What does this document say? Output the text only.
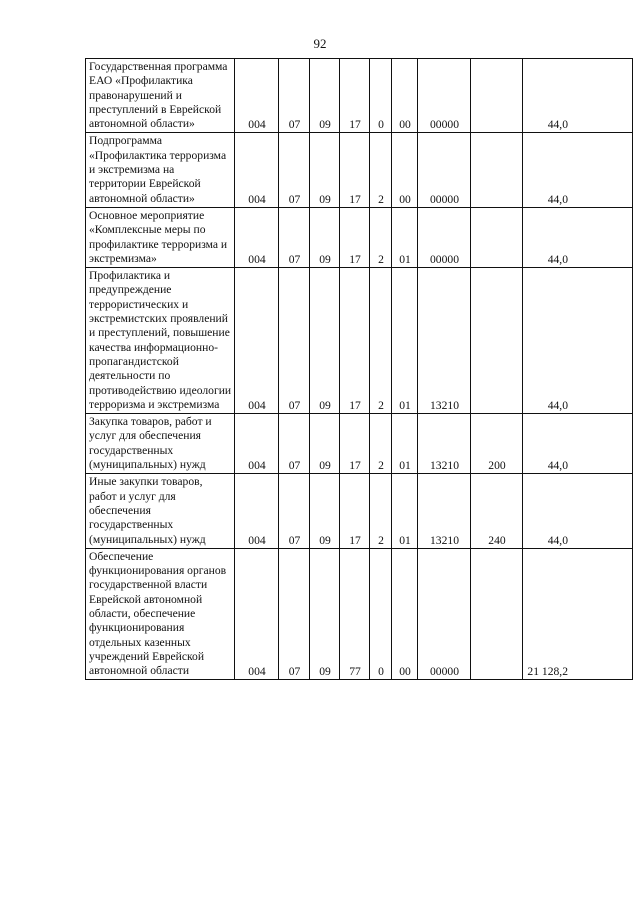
92
Государственная программа ЕАО «Профилактика правонарушений и преступлений в Еврейской автономной области»	004	07	09	17	0	00	00000		44,0
Подпрограмма «Профилактика терроризма и экстремизма на территории Еврейской автономной области»	004	07	09	17	2	00	00000		44,0
Основное мероприятие «Комплексные меры по профилактике терроризма и экстремизма»	004	07	09	17	2	01	00000		44,0
Профилактика и предупреждение террористических и экстремистских проявлений и преступлений, повышение качества информационно-пропагандистской деятельности по противодействию идеологии терроризма и экстремизма	004	07	09	17	2	01	13210		44,0
Закупка товаров, работ и услуг для обеспечения государственных (муниципальных) нужд	004	07	09	17	2	01	13210	200	44,0
Иные закупки товаров, работ и услуг для обеспечения государственных (муниципальных) нужд	004	07	09	17	2	01	13210	240	44,0
Обеспечение функционирования органов государственной власти Еврейской автономной области, обеспечение функционирования отдельных казенных учреждений Еврейской автономной области	004	07	09	77	0	00	00000		21 128,2
